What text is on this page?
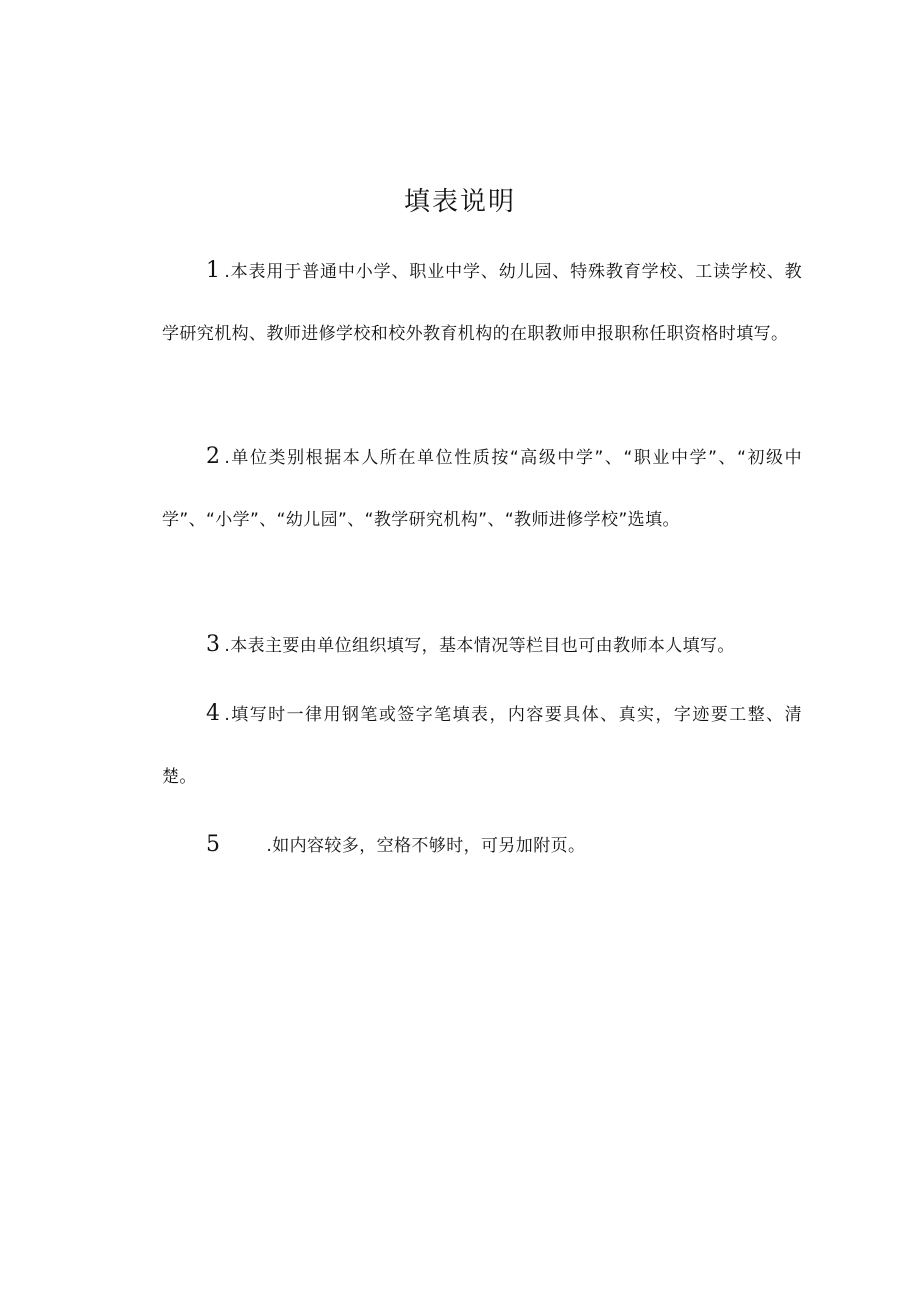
填表说明
1 .本表用于普通中小学、职业中学、幼儿园、特殊教育学校、工读学校、教学研究机构、教师进修学校和校外教育机构的在职教师申报职称任职资格时填写。
2 .单位类别根据本人所在单位性质按“高级中学”、“职业中学”、“初级中学”、“小学”、“幼儿园”、“教学研究机构”、“教师进修学校”选填。
3 .本表主要由单位组织填写，基本情况等栏目也可由教师本人填写。
4 .填写时一律用钢笔或签字笔填表，内容要具体、真实，字迹要工整、清楚。
5	.如内容较多，空格不够时，可另加附页。
